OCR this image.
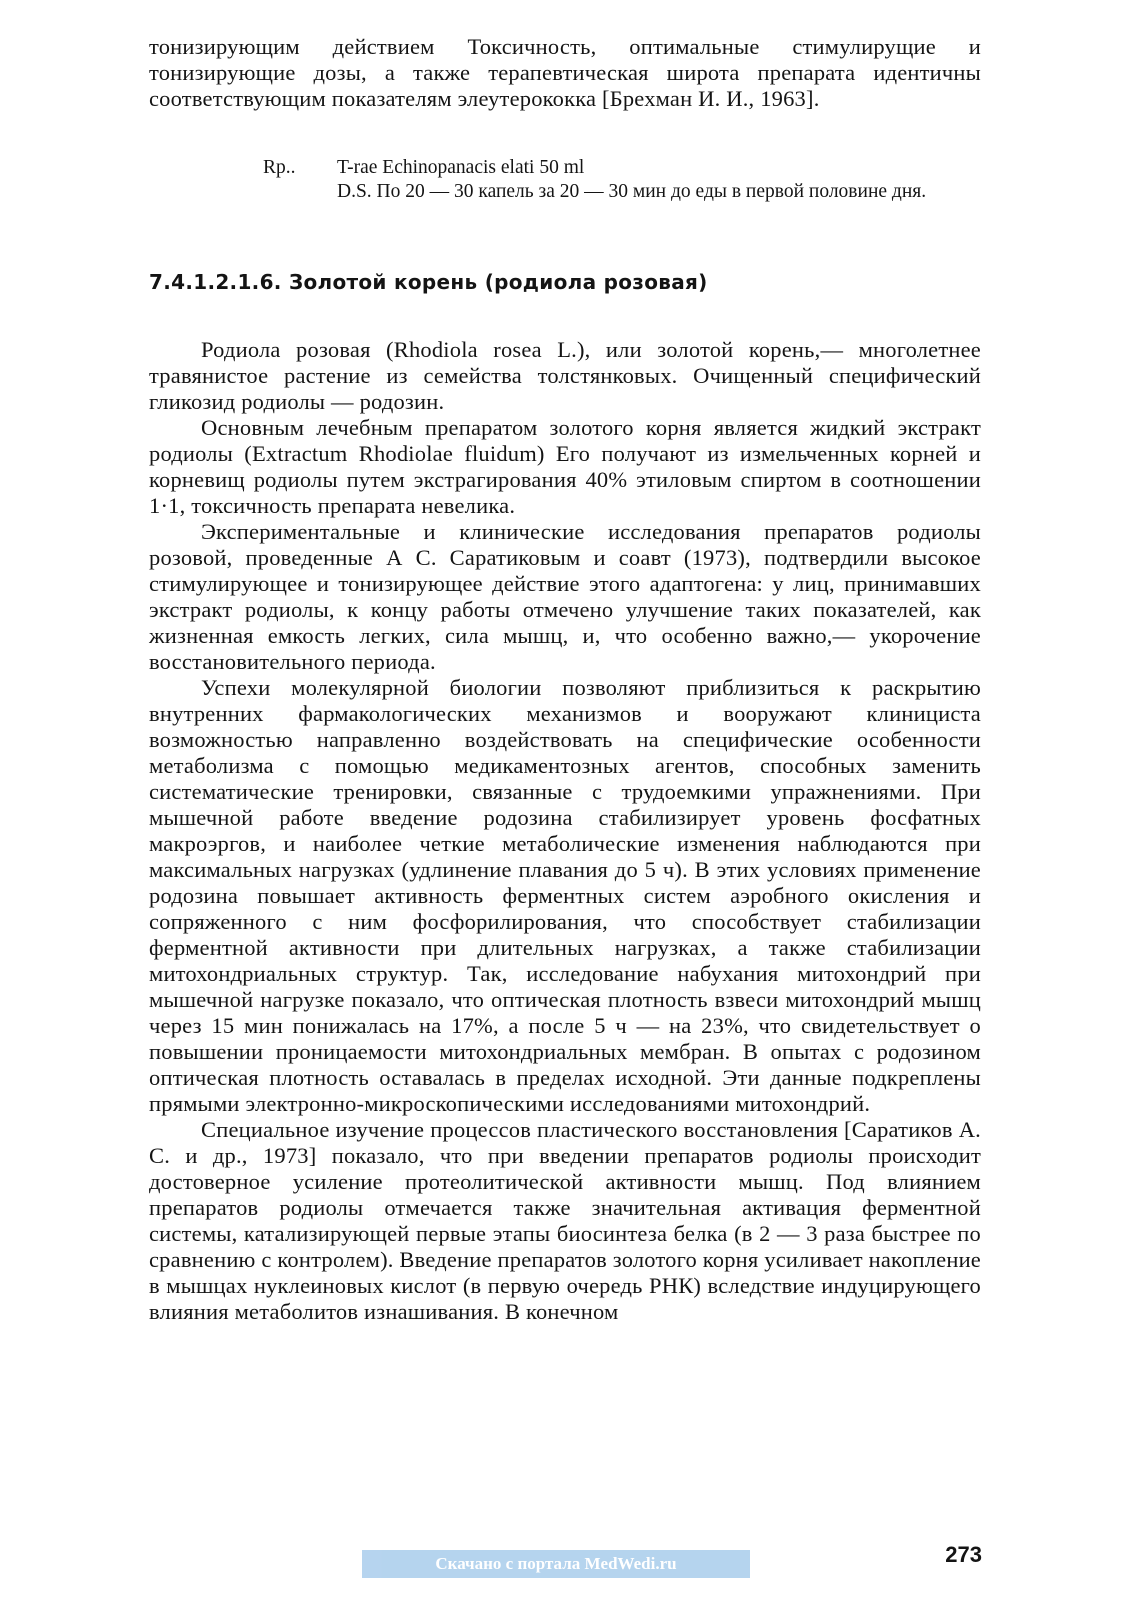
тонизирующим действием Токсичность, оптимальные стимулирущие и тонизирующие дозы, а также терапевтическая широта препарата идентичны соответствующим показателям элеутерококка [Брехман И. И., 1963].

Rp.. T-rae Echinopanacis elati 50 ml
D.S. По 20 — 30 капель за 20 — 30 мин до еды в первой половине дня.
7.4.1.2.1.6. Золотой корень (родиола розовая)

Родиола розовая (Rhodiola rosea L.), или золотой корень,— многолетнее травянистое растение из семейства толстянковых. Очищенный специфический гликозид родиолы — родозин.

Основным лечебным препаратом золотого корня является жидкий экстракт родиолы (Extractum Rhodiolae fluidum) Его получают из измельченных корней и корневищ родиолы путем экстрагирования 40% этиловым спиртом в соотношении 1·1, токсичность препарата невелика.

Экспериментальные и клинические исследования препаратов родиолы розовой, проведенные А С. Саратиковым и соавт (1973), подтвердили высокое стимулирующее и тонизирующее действие этого адаптогена: у лиц, принимавших экстракт родиолы, к концу работы отмечено улучшение таких показателей, как жизненная емкость легких, сила мышц, и, что особенно важно,— укорочение восстановительного периода.

Успехи молекулярной биологии позволяют приблизиться к раскрытию внутренних фармакологических механизмов и вооружают клинициста возможностью направленно воздействовать на специфические особенности метаболизма с помощью медикаментозных агентов, способных заменить систематические тренировки, связанные с трудоемкими упражнениями. При мышечной работе введение родозина стабилизирует уровень фосфатных макроэргов, и наиболее четкие метаболические изменения наблюдаются при максимальных нагрузках (удлинение плавания до 5 ч). В этих условиях применение родозина повышает активность ферментных систем аэробного окисления и сопряженного с ним фосфорилирования, что способствует стабилизации ферментной активности при длительных нагрузках, а также стабилизации митохондриальных структур. Так, исследование набухания митохондрий при мышечной нагрузке показало, что оптическая плотность взвеси митохондрий мышц через 15 мин понижалась на 17%, а после 5 ч — на 23%, что свидетельствует о повышении проницаемости митохондриальных мембран. В опытах с родозином оптическая плотность оставалась в пределах исходной. Эти данные подкреплены прямыми электронно-микроскопическими исследованиями митохондрий.

Специальное изучение процессов пластического восстановления [Саратиков А. С. и др., 1973] показало, что при введении препаратов родиолы происходит достоверное усиление протеолитической активности мышц. Под влиянием препаратов родиолы отмечается также значительная активация ферментной системы, катализирующей первые этапы биосинтеза белка (в 2 — 3 раза быстрее по сравнению с контролем). Введение препаратов золотого корня усиливает накопление в мышцах нуклеиновых кислот (в первую очередь РНК) вследствие индуцирующего влияния метаболитов изнашивания. В конечном

Скачано с портала MedWedi.ru	273
